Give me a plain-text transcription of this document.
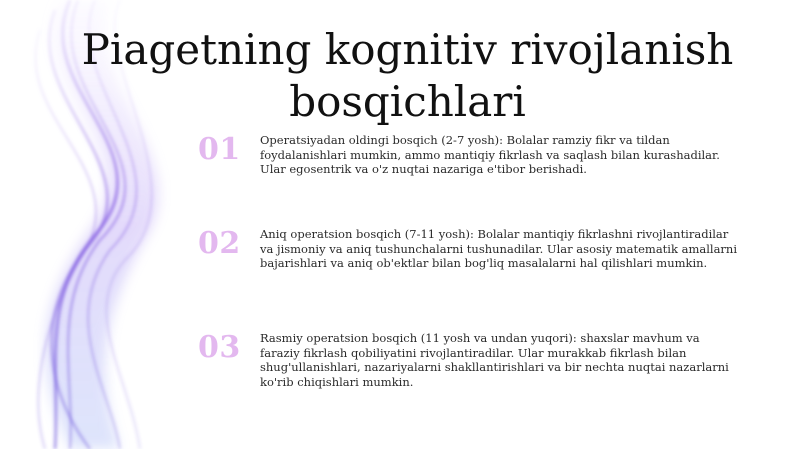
Piagetning kognitiv rivojlanish bosqichlari
01	Operatsiyadan oldingi bosqich (2-7 yosh): Bolalar ramziy fikr va tildan foydalanishlari mumkin, ammo mantiqiy fikrlash va saqlash bilan kurashadilar. Ular egosentrik va o'z nuqtai nazariga e'tibor berishadi.
02	Aniq operatsion bosqich (7-11 yosh): Bolalar mantiqiy fikrlashni rivojlantiradilar va jismoniy va aniq tushunchalarni tushunadilar. Ular asosiy matematik amallarni bajarishlari va aniq ob'ektlar bilan bog'liq masalalarni hal qilishlari mumkin.
03	Rasmiy operatsion bosqich (11 yosh va undan yuqori): shaxslar mavhum va faraziy fikrlash qobiliyatini rivojlantiradilar. Ular murakkab fikrlash bilan shug'ullanishlari, nazariyalarni shakllantirishlari va bir nechta nuqtai nazarlarni ko'rib chiqishlari mumkin.
